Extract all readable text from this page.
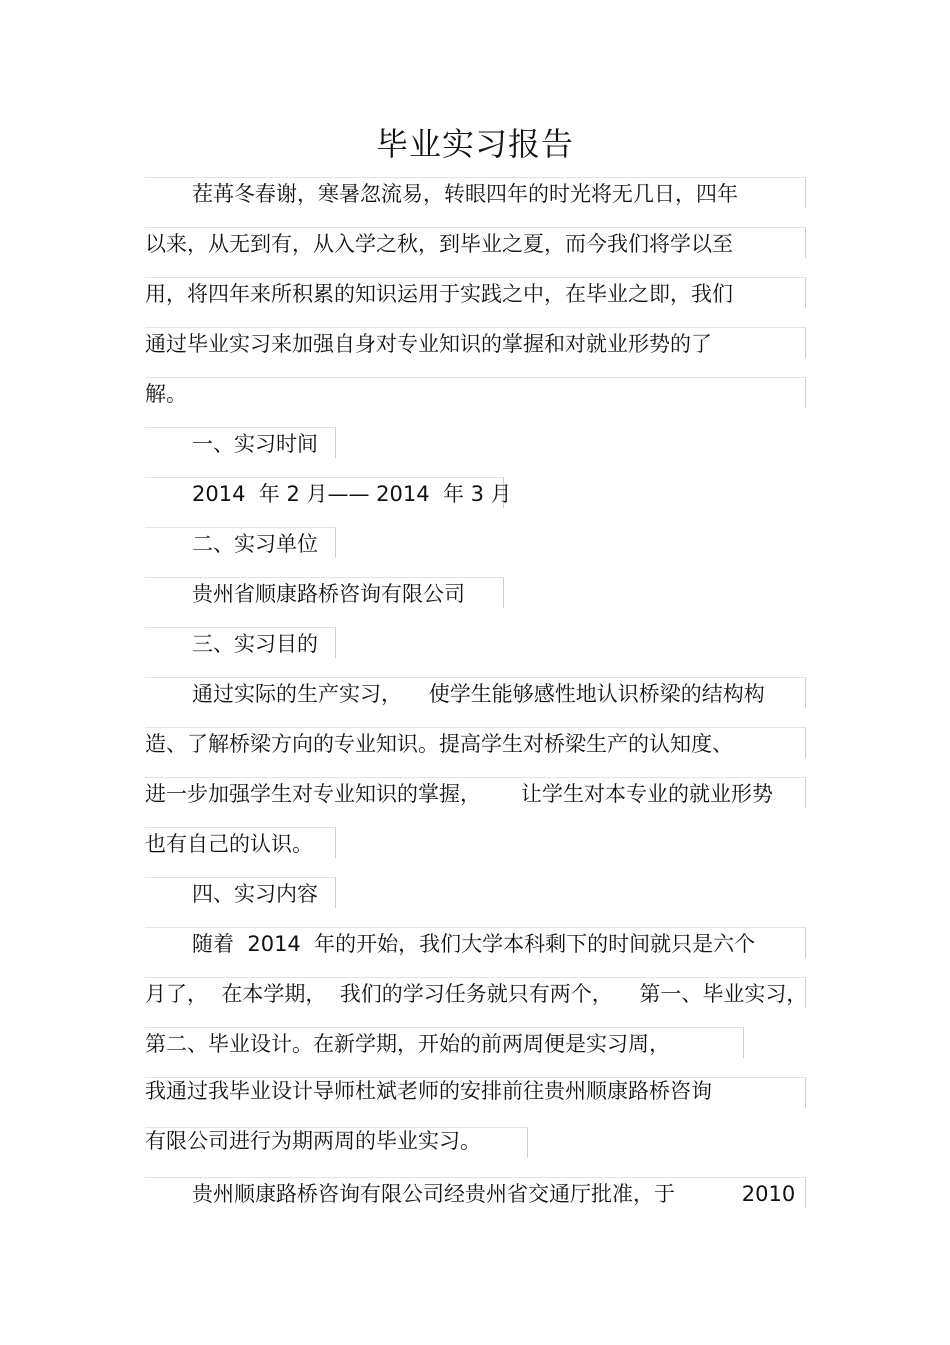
毕业实习报告
茬苒冬春谢，寒暑忽流易，转眼四年的时光将无几日，四年
以来，从无到有，从入学之秋，到毕业之夏，而今我们将学以至
用，将四年来所积累的知识运用于实践之中，在毕业之即，我们
通过毕业实习来加强自身对专业知识的掌握和对就业形势的了
解。
一、实习时间
2014  年 2 月—— 2014  年 3 月
二、实习单位
贵州省顺康路桥咨询有限公司
三、实习目的
通过实际的生产实习，    使学生能够感性地认识桥梁的结构构
造、了解桥梁方向的专业知识。提高学生对桥梁生产的认知度、
进一步加强学生对专业知识的掌握，      让学生对本专业的就业形势
也有自己的认识。
四、实习内容
随着  2014  年的开始，我们大学本科剩下的时间就只是六个
月了，  在本学期，  我们的学习任务就只有两个，    第一、毕业实习，
第二、毕业设计。在新学期，开始的前两周便是实习周，
我通过我毕业设计导师杜斌老师的安排前往贵州顺康路桥咨询
有限公司进行为期两周的毕业实习。
贵州顺康路桥咨询有限公司经贵州省交通厅批准，于          2010
